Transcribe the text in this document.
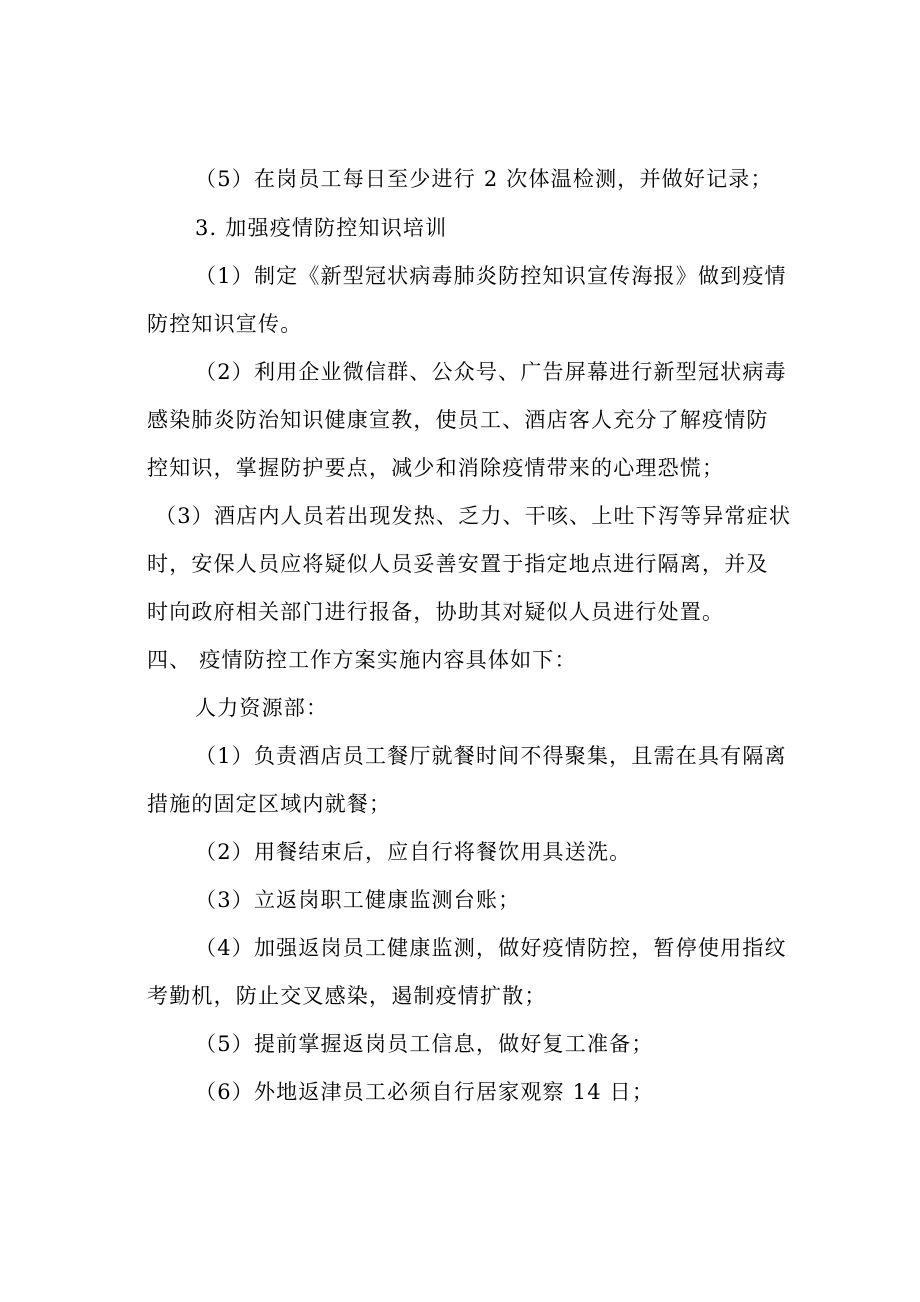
（5）在岗员工每日至少进行 2 次体温检测，并做好记录；
3. 加强疫情防控知识培训
（1）制定《新型冠状病毒肺炎防控知识宣传海报》做到疫情
防控知识宣传。
（2）利用企业微信群、公众号、广告屏幕进行新型冠状病毒
感染肺炎防治知识健康宣教，使员工、酒店客人充分了解疫情防
控知识，掌握防护要点，减少和消除疫情带来的心理恐慌；
（3）酒店内人员若出现发热、乏力、干咳、上吐下泻等异常症状
时，安保人员应将疑似人员妥善安置于指定地点进行隔离，并及
时向政府相关部门进行报备，协助其对疑似人员进行处置。
四、 疫情防控工作方案实施内容具体如下：
人力资源部：
（1）负责酒店员工餐厅就餐时间不得聚集，且需在具有隔离
措施的固定区域内就餐；
（2）用餐结束后，应自行将餐饮用具送洗。
（3）立返岗职工健康监测台账；
（4）加强返岗员工健康监测，做好疫情防控，暂停使用指纹
考勤机，防止交叉感染，遏制疫情扩散；
（5）提前掌握返岗员工信息，做好复工准备；
（6）外地返津员工必须自行居家观察 14 日；
